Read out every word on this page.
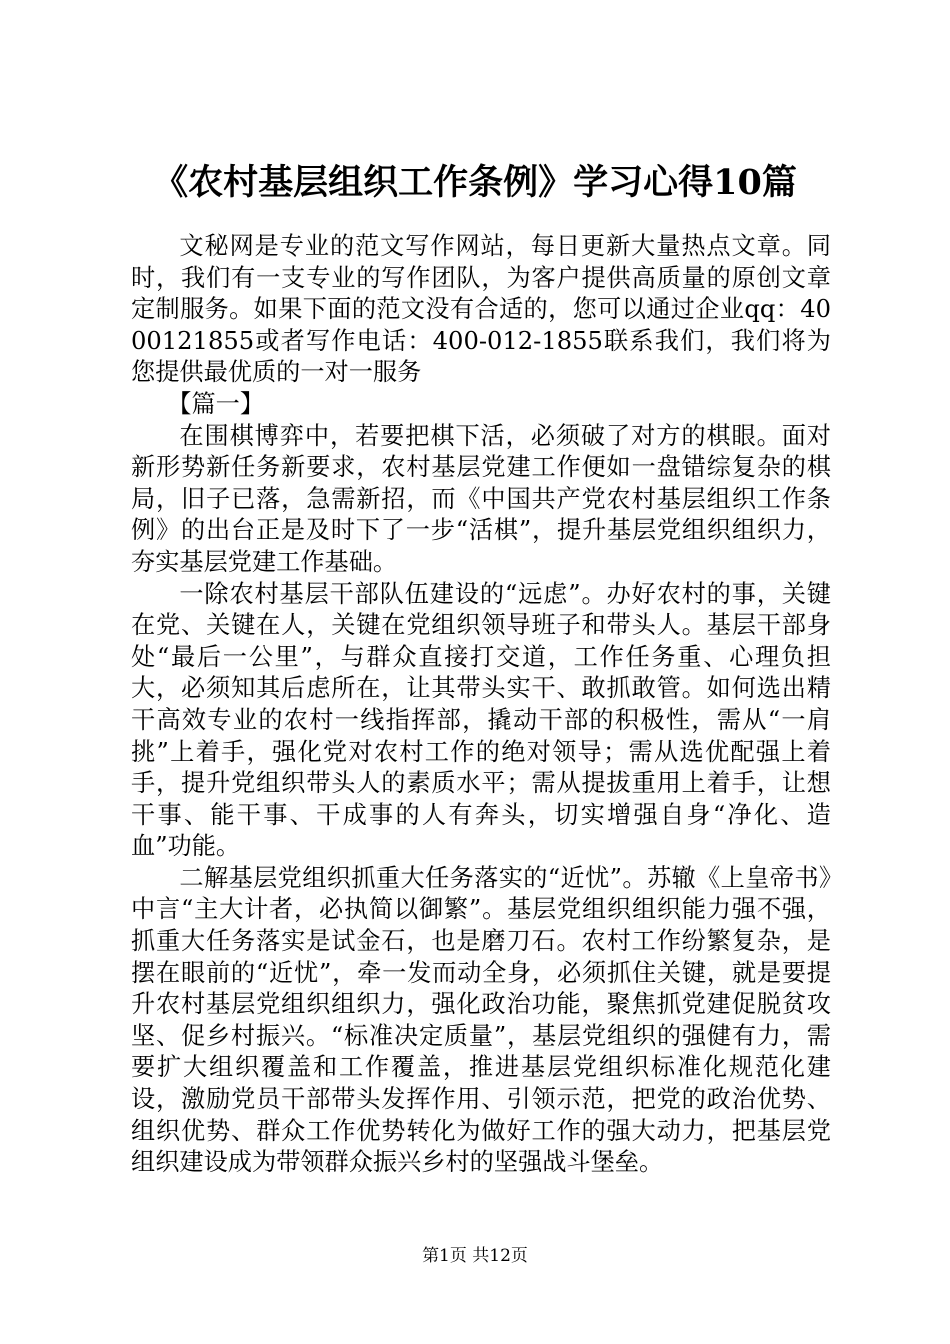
《农村基层组织工作条例》学习心得10篇

文秘网是专业的范文写作网站，每日更新大量热点文章。同时，我们有一支专业的写作团队，为客户提供高质量的原创文章定制服务。如果下面的范文没有合适的，您可以通过企业qq：4000121855或者写作电话：400-012-1855联系我们，我们将为您提供最优质的一对一服务

【篇一】

在围棋博弈中，若要把棋下活，必须破了对方的棋眼。面对新形势新任务新要求，农村基层党建工作便如一盘错综复杂的棋局，旧子已落，急需新招，而《中国共产党农村基层组织工作条例》的出台正是及时下了一步“活棋”，提升基层党组织组织力，夯实基层党建工作基础。

一除农村基层干部队伍建设的“远虑”。办好农村的事，关键在党、关键在人，关键在党组织领导班子和带头人。基层干部身处“最后一公里”，与群众直接打交道，工作任务重、心理负担大，必须知其后虑所在，让其带头实干、敢抓敢管。如何选出精干高效专业的农村一线指挥部，撬动干部的积极性，需从“一肩挑”上着手，强化党对农村工作的绝对领导；需从选优配强上着手，提升党组织带头人的素质水平；需从提拔重用上着手，让想干事、能干事、干成事的人有奔头，切实增强自身“净化、造血”功能。

二解基层党组织抓重大任务落实的“近忧”。苏辙《上皇帝书》中言“主大计者，必执简以御繁”。基层党组织组织能力强不强，抓重大任务落实是试金石，也是磨刀石。农村工作纷繁复杂，是摆在眼前的“近忧”，牵一发而动全身，必须抓住关键，就是要提升农村基层党组织组织力，强化政治功能，聚焦抓党建促脱贫攻坚、促乡村振兴。“标准决定质量”，基层党组织的强健有力，需要扩大组织覆盖和工作覆盖，推进基层党组织标准化规范化建设，激励党员干部带头发挥作用、引领示范，把党的政治优势、组织优势、群众工作优势转化为做好工作的强大动力，把基层党组织建设成为带领群众振兴乡村的坚强战斗堡垒。

第1页 共12页
